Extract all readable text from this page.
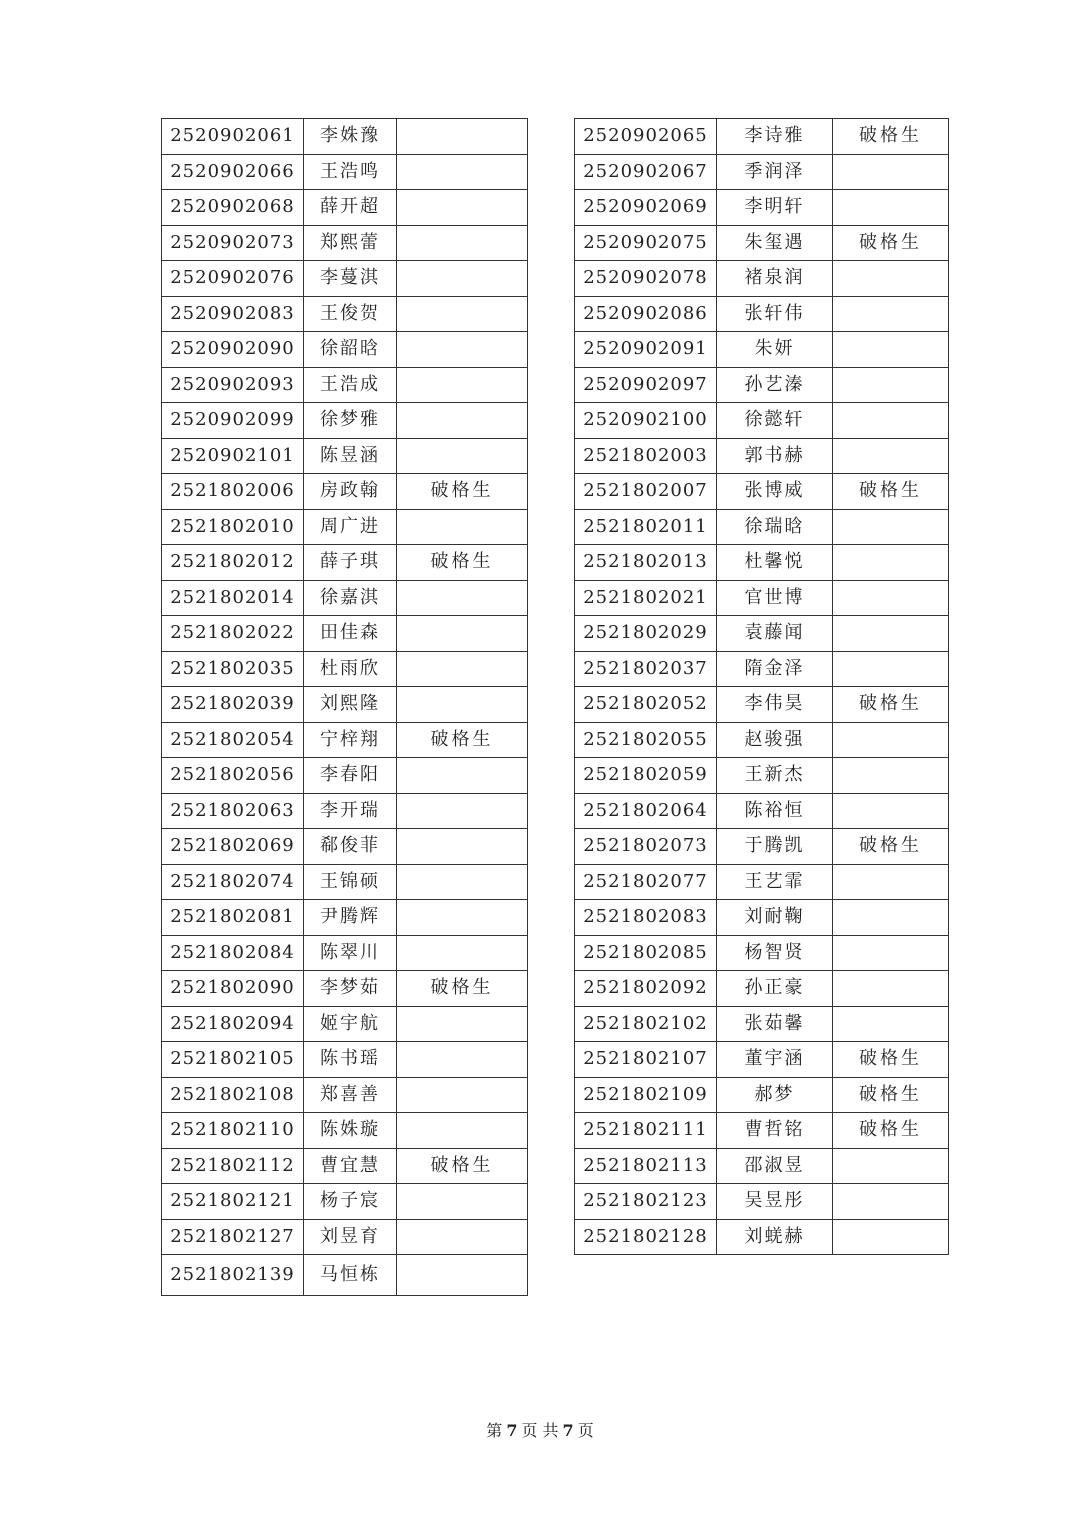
2520902061	李姝豫	
2520902066	王浩鸣	
2520902068	薛开超	
2520902073	郑熙蕾	
2520902076	李蔓淇	
2520902083	王俊贺	
2520902090	徐韶晗	
2520902093	王浩成	
2520902099	徐梦雅	
2520902101	陈昱涵	
2521802006	房政翰	破格生
2521802010	周广进	
2521802012	薛子琪	破格生
2521802014	徐嘉淇	
2521802022	田佳森	
2521802035	杜雨欣	
2521802039	刘熙隆	
2521802054	宁梓翔	破格生
2521802056	李春阳	
2521802063	李开瑞	
2521802069	郗俊菲	
2521802074	王锦硕	
2521802081	尹腾辉	
2521802084	陈翠川	
2521802090	李梦茹	破格生
2521802094	姬宇航	
2521802105	陈书瑶	
2521802108	郑喜善	
2521802110	陈姝璇	
2521802112	曹宜慧	破格生
2521802121	杨子宸	
2521802127	刘昱育	
2521802139	马恒栋	
2520902065	李诗雅	破格生
2520902067	季润泽	
2520902069	李明轩	
2520902075	朱玺遇	破格生
2520902078	褚泉润	
2520902086	张轩伟	
2520902091	朱妍	
2520902097	孙艺溱	
2520902100	徐懿轩	
2521802003	郭书赫	
2521802007	张博威	破格生
2521802011	徐瑞晗	
2521802013	杜馨悦	
2521802021	官世博	
2521802029	袁藤闻	
2521802037	隋金泽	
2521802052	李伟昊	破格生
2521802055	赵骏强	
2521802059	王新杰	
2521802064	陈裕恒	
2521802073	于腾凯	破格生
2521802077	王艺霏	
2521802083	刘耐鞠	
2521802085	杨智贤	
2521802092	孙正豪	
2521802102	张茹馨	
2521802107	董宇涵	破格生
2521802109	郝梦	破格生
2521802111	曹哲铭	破格生
2521802113	邵淑昱	
2521802123	吴昱彤	
2521802128	刘蜣赫	
第 7 页 共 7 页
